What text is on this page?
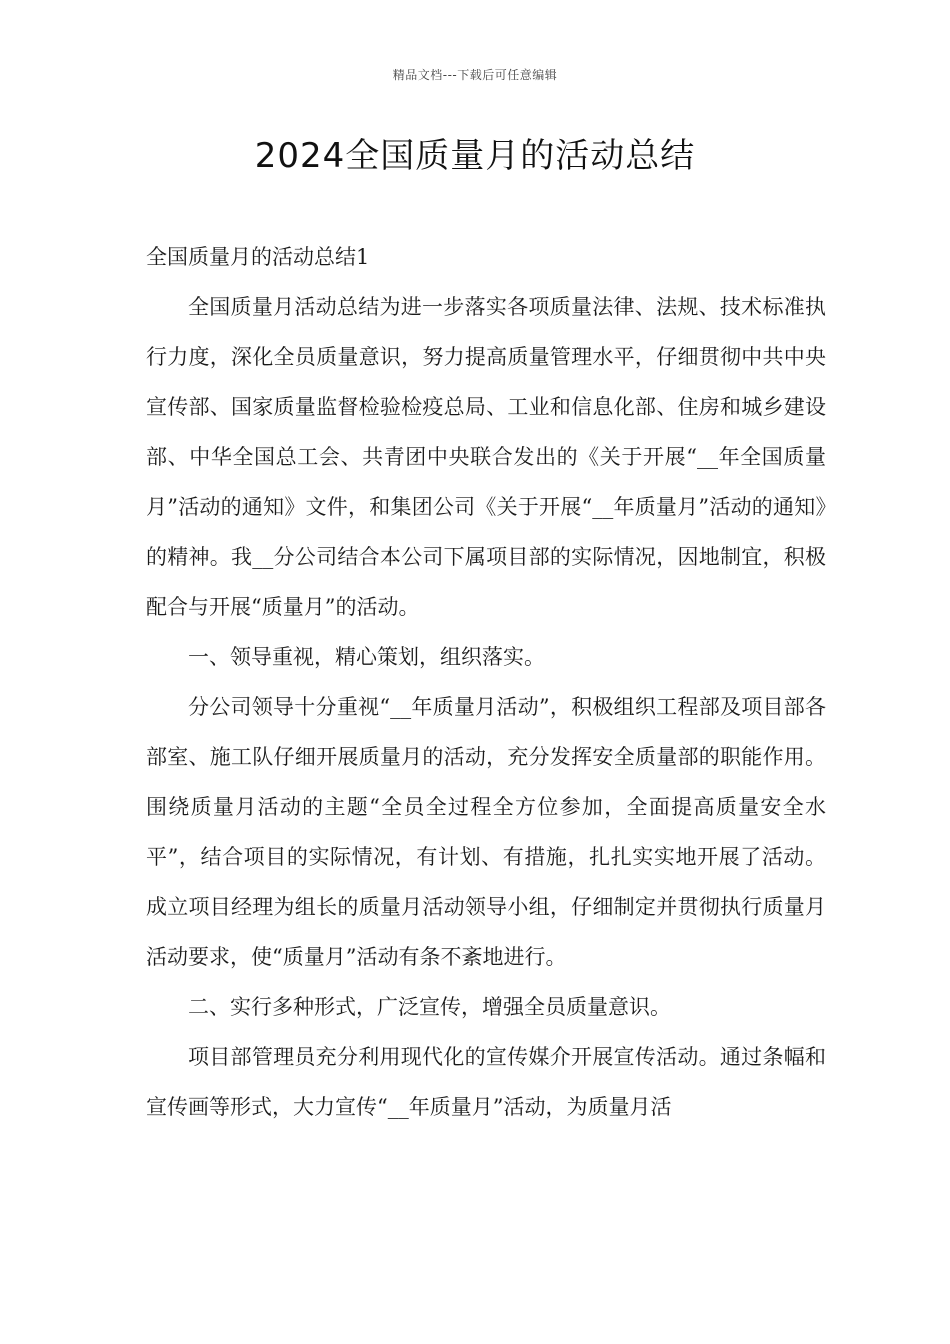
精品文档---下载后可任意编辑
2024全国质量月的活动总结

全国质量月的活动总结1

全国质量月活动总结为进一步落实各项质量法律、法规、技术标准执行力度，深化全员质量意识，努力提高质量管理水平，仔细贯彻中共中央宣传部、国家质量监督检验检疫总局、工业和信息化部、住房和城乡建设部、中华全国总工会、共青团中央联合发出的《关于开展“__年全国质量月”活动的通知》文件，和集团公司《关于开展“__年质量月”活动的通知》的精神。我__分公司结合本公司下属项目部的实际情况，因地制宜，积极配合与开展“质量月”的活动。

一、领导重视，精心策划，组织落实。

分公司领导十分重视“__年质量月活动”，积极组织工程部及项目部各部室、施工队仔细开展质量月的活动，充分发挥安全质量部的职能作用。围绕质量月活动的主题“全员全过程全方位参加，全面提高质量安全水平”，结合项目的实际情况，有计划、有措施，扎扎实实地开展了活动。成立项目经理为组长的质量月活动领导小组，仔细制定并贯彻执行质量月活动要求，使“质量月”活动有条不紊地进行。

二、实行多种形式，广泛宣传，增强全员质量意识。

项目部管理员充分利用现代化的宣传媒介开展宣传活动。通过条幅和宣传画等形式，大力宣传“__年质量月”活动，为质量月活
